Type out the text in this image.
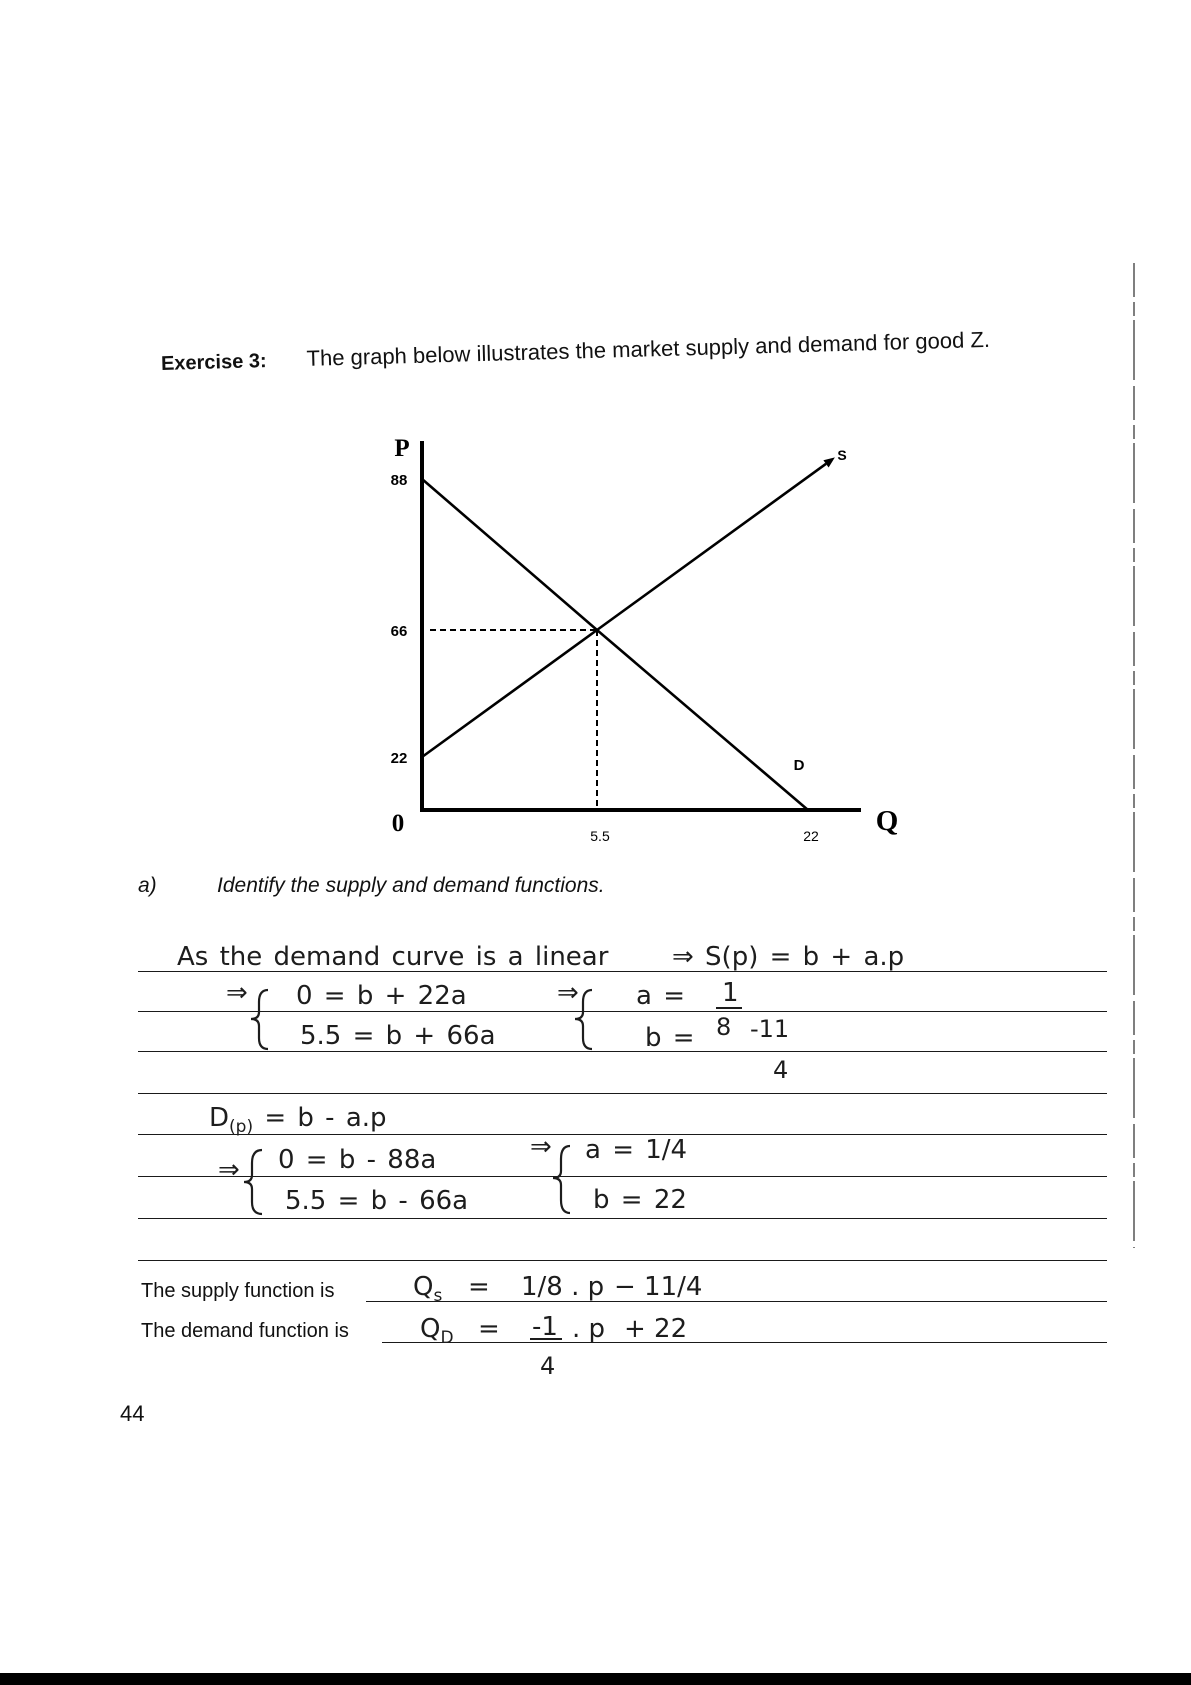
Exercise 3: The graph below illustrates the market supply and demand for good Z.
P
Q
0
88
66
22
5.5	22
S
D
a)	Identify the supply and demand functions.
As the demand curve is a linear ⇒ S(p) = b + a.p
⇒ 0 = b + 22a
5.5 = b + 66a
⇒ a = 1
8
b = -11
4
$D_{(p)} = b - a.p$
⇒ 0 = b - 88a
5.5 = b - 66a
⇒ a = 1/4
b = 22
The supply function is	$Q_s = 1/8$ . p − 11/4
The demand function is	$Q_D = -1$
4
. p + 22
44
